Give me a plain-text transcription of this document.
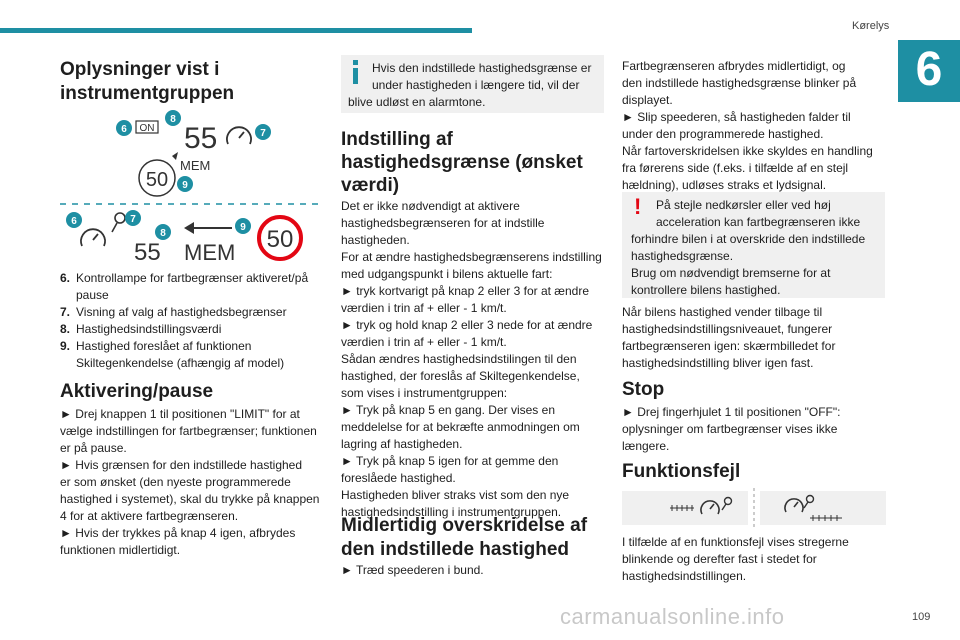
Kørelys
6
Oplysninger vist i
instrumentgruppen
6 ON
8
55	7
MEM
50 9
6	7
55
8
MEM
9 50
6. Kontrollampe for fartbegrænser aktiveret/på pause
7. Visning af valg af hastighedsbegrænser
8. Hastighedsindstillingsværdi
9. Hastighed foreslået af funktionen Skiltegenkendelse (afhængig af model)
Aktivering/pause
► Drej knappen 1 til positionen "LIMIT" for at
vælge indstillingen for fartbegrænser; funktionen
er på pause.
► Hvis grænsen for den indstillede hastighed
er som ønsket (den nyeste programmerede
hastighed i systemet), skal du trykke på knappen
4 for at aktivere fartbegrænseren.
► Hvis der trykkes på knap 4 igen, afbrydes
funktionen midlertidigt.
Hvis den indstillede hastighedsgrænse er
under hastigheden i længere tid, vil der
blive udløst en alarmtone.
Indstilling af
hastighedsgrænse (ønsket
værdi)
Det er ikke nødvendigt at aktivere
hastighedsbegrænseren for at indstille
hastigheden.
For at ændre hastighedsbegrænserens indstilling
med udgangspunkt i bilens aktuelle fart:
► tryk kortvarigt på knap 2 eller 3 for at ændre
værdien i trin af + eller - 1 km/t.
► tryk og hold knap 2 eller 3 nede for at ændre
værdien i trin af + eller - 1 km/t.
Sådan ændres hastighedsindstilingen til den
hastighed, der foreslås af Skiltegenkendelse,
som vises i instrumentgruppen:
► Tryk på knap 5 en gang. Der vises en
meddelelse for at bekræfte anmodningen om
lagring af hastigheden.
► Tryk på knap 5 igen for at gemme den
foreslåede hastighed.
Hastigheden bliver straks vist som den nye
hastighedsindstilling i instrumentgruppen.
Midlertidig overskridelse af
den indstillede hastighed
► Træd speederen i bund.
Fartbegrænseren afbrydes midlertidigt, og
den indstillede hastighedsgrænse blinker på
displayet.
► Slip speederen, så hastigheden falder til
under den programmerede hastighed.
Når fartoverskridelsen ikke skyldes en handling
fra førerens side (f.eks. i tilfælde af en stejl
hældning), udløses straks et lydsignal.
!	På stejle nedkørsler eller ved høj
acceleration kan fartbegrænseren ikke
forhindre bilen i at overskride den indstillede
hastighedsgrænse.
Brug om nødvendigt bremserne for at
kontrollere bilens hastighed.
Når bilens hastighed vender tilbage til
hastighedsindstillingsniveauet, fungerer
fartbegrænseren igen: skærmbilledet for
hastighedsindstilling bliver igen fast.
Stop
► Drej fingerhjulet 1 til positionen "OFF":
oplysninger om fartbegrænser vises ikke
længere.
Funktionsfejl
I tilfælde af en funktionsfejl vises stregerne
blinkende og derefter fast i stedet for
hastighedsindstillingen.
carmanualsonline.info	109
